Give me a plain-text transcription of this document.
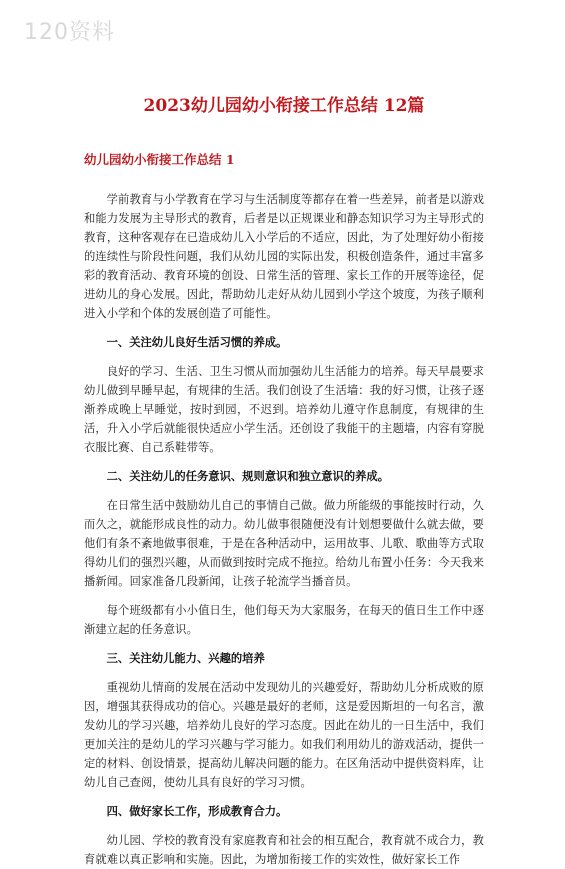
120资料
2023幼儿园幼小衔接工作总结 12篇
幼儿园幼小衔接工作总结 1

学前教育与小学教育在学习与生活制度等都存在着一些差异，前者是以游戏和能力发展为主导形式的教育，后者是以正规课业和静态知识学习为主导形式的教育，这种客观存在已造成幼儿入小学后的不适应，因此，为了处理好幼小衔接的连续性与阶段性问题，我们从幼儿园的实际出发，积极创造条件，通过丰富多彩的教育活动、教育环境的创设、日常生活的管理、家长工作的开展等途径，促进幼儿的身心发展。因此，帮助幼儿走好从幼儿园到小学这个坡度，为孩子顺利进入小学和个体的发展创造了可能性。

一、关注幼儿良好生活习惯的养成。

良好的学习、生活、卫生习惯从而加强幼儿生活能力的培养。每天早晨要求幼儿做到早睡早起，有规律的生活。我们创设了生活墙：我的好习惯，让孩子逐渐养成晚上早睡觉，按时到园，不迟到。培养幼儿遵守作息制度，有规律的生活，升入小学后就能很快适应小学生活。还创设了我能干的主题墙，内容有穿脱衣服比赛、自己系鞋带等。

二、关注幼儿的任务意识、规则意识和独立意识的养成。

在日常生活中鼓励幼儿自己的事情自己做。做力所能级的事能按时行动，久而久之，就能形成良性的动力。幼儿做事很随便没有计划想要做什么就去做，要他们有条不紊地做事很难，于是在各种活动中，运用故事、儿歌、歌曲等方式取得幼儿们的强烈兴趣，从而做到按时完成不拖拉。给幼儿布置小任务：今天我来播新闻。回家准备几段新闻，让孩子轮流学当播音员。

每个班级都有小小值日生，他们每天为大家服务，在每天的值日生工作中逐渐建立起的任务意识。

三、关注幼儿能力、兴趣的培养

重视幼儿情商的发展在活动中发现幼儿的兴趣爱好，帮助幼儿分析成败的原因，增强其获得成功的信心。兴趣是最好的老师，这是爱因斯坦的一句名言，激发幼儿的学习兴趣，培养幼儿良好的学习态度。因此在幼儿的一日生活中，我们更加关注的是幼儿的学习兴趣与学习能力。如我们利用幼儿的游戏活动，提供一定的材料、创设情景，提高幼儿解决问题的能力。在区角活动中提供资料库，让幼儿自己查阅，使幼儿具有良好的学习习惯。

四、做好家长工作，形成教育合力。

幼儿园、学校的教育没有家庭教育和社会的相互配合，教育就不成合力，教育就难以真正影响和实施。因此，为增加衔接工作的实效性，做好家长工作
